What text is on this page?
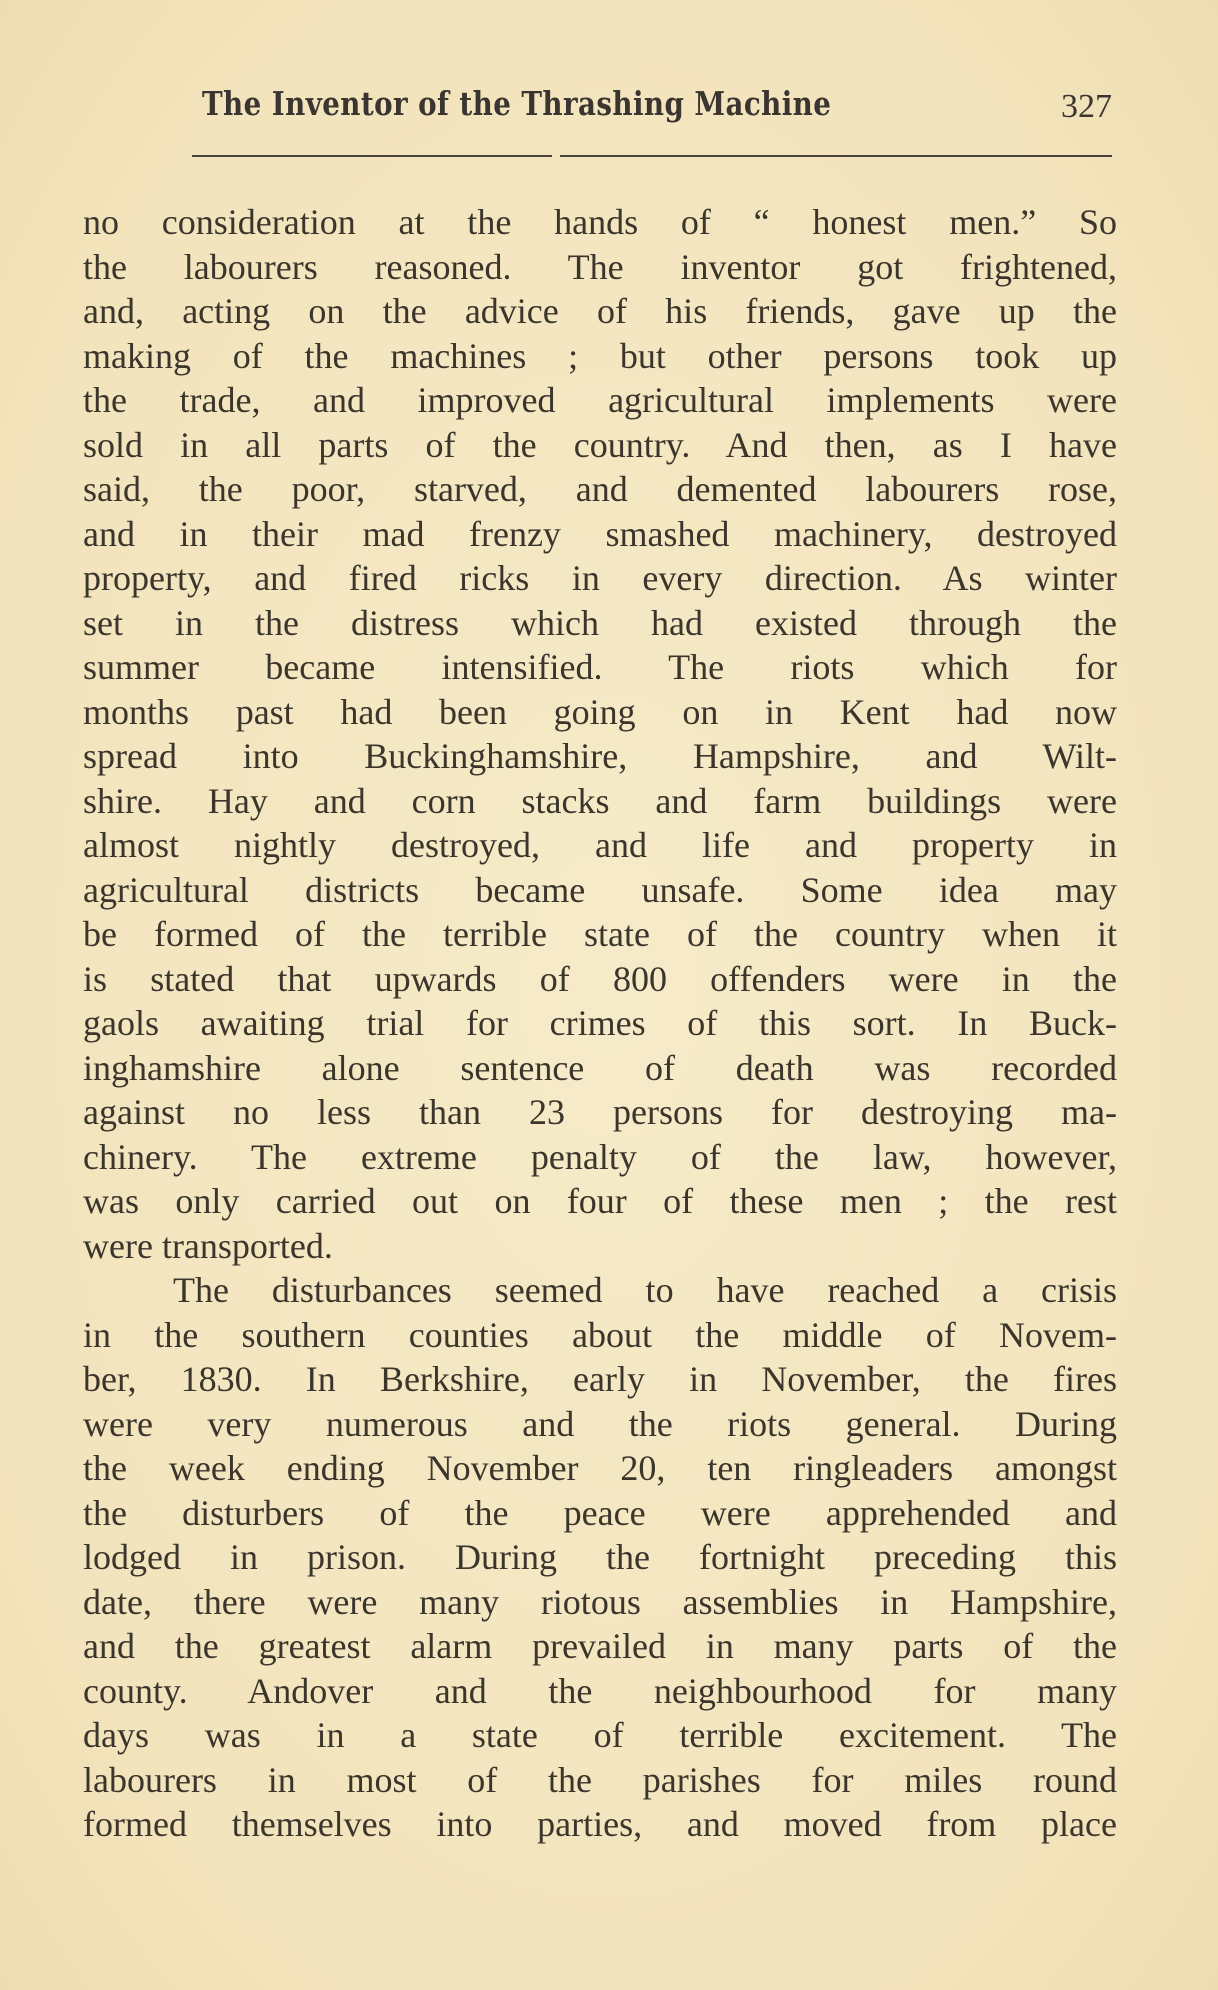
The Inventor of the Thrashing Machine	327
no consideration at the hands of “ honest men.” So
the labourers reasoned. The inventor got frightened,
and, acting on the advice of his friends, gave up the
making of the machines ; but other persons took up
the trade, and improved agricultural implements were
sold in all parts of the country. And then, as I have
said, the poor, starved, and demented labourers rose,
and in their mad frenzy smashed machinery, destroyed
property, and fired ricks in every direction. As winter
set in the distress which had existed through the
summer became intensified. The riots which for
months past had been going on in Kent had now
spread into Buckinghamshire, Hampshire, and Wilt-
shire. Hay and corn stacks and farm buildings were
almost nightly destroyed, and life and property in
agricultural districts became unsafe. Some idea may
be formed of the terrible state of the country when it
is stated that upwards of 800 offenders were in the
gaols awaiting trial for crimes of this sort. In Buck-
inghamshire alone sentence of death was recorded
against no less than 23 persons for destroying ma-
chinery. The extreme penalty of the law, however,
was only carried out on four of these men ; the rest
were transported.
The disturbances seemed to have reached a crisis
in the southern counties about the middle of Novem-
ber, 1830. In Berkshire, early in November, the fires
were very numerous and the riots general. During
the week ending November 20, ten ringleaders amongst
the disturbers of the peace were apprehended and
lodged in prison. During the fortnight preceding this
date, there were many riotous assemblies in Hampshire,
and the greatest alarm prevailed in many parts of the
county. Andover and the neighbourhood for many
days was in a state of terrible excitement. The
labourers in most of the parishes for miles round
formed themselves into parties, and moved from place
